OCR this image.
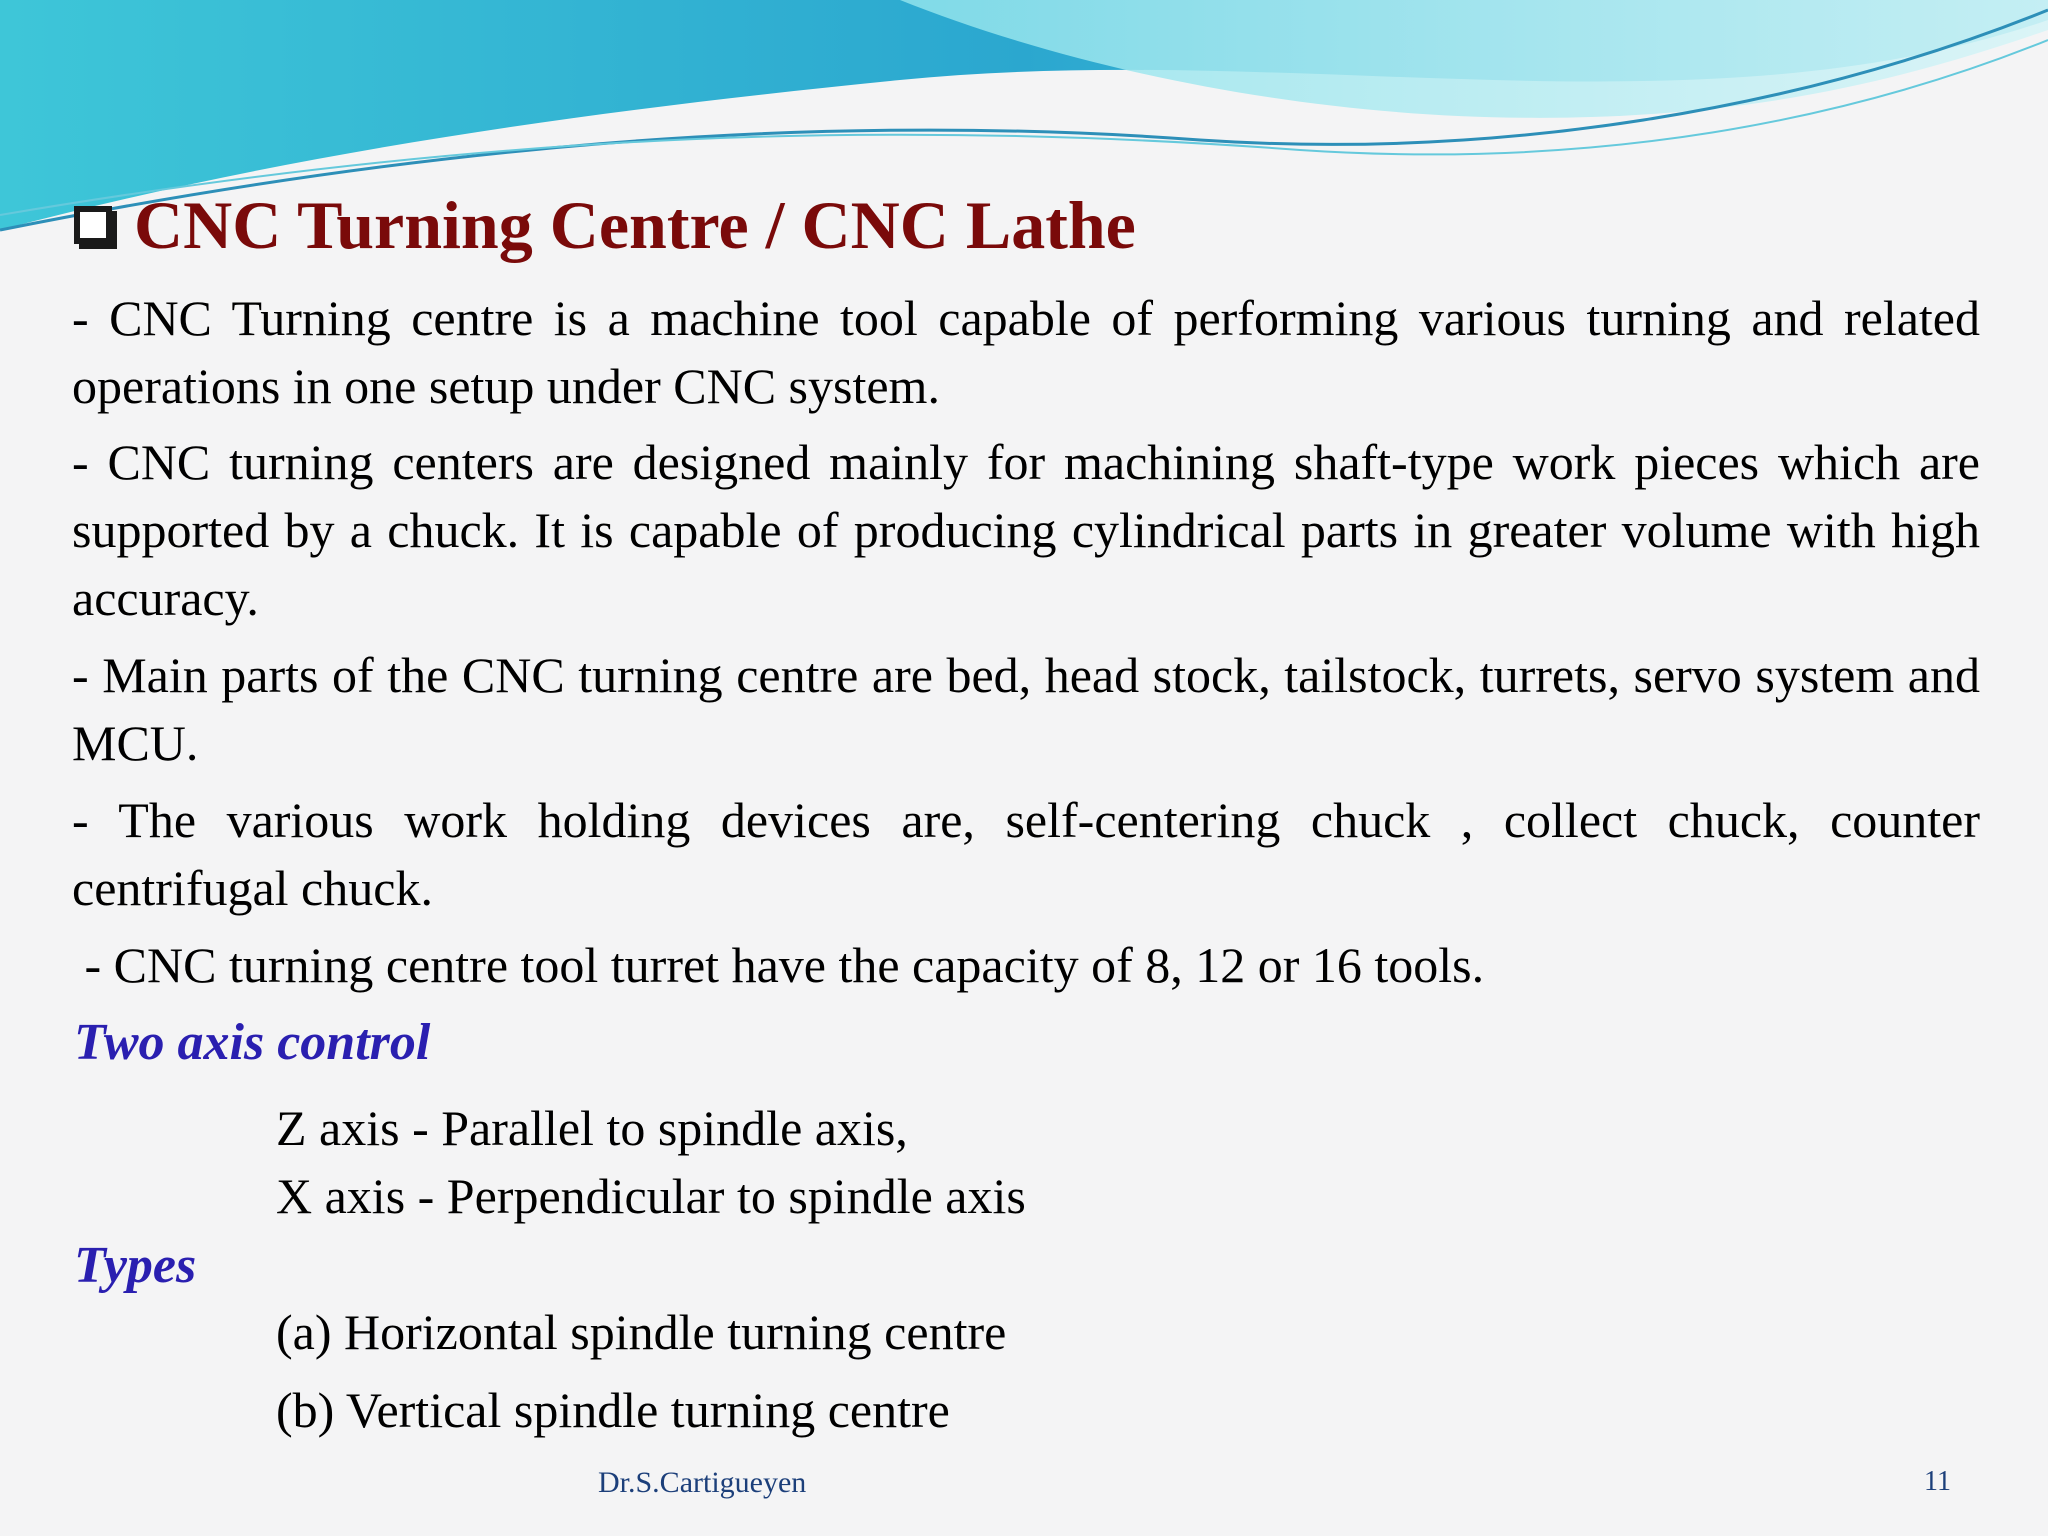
CNC Turning Centre / CNC Lathe

- CNC Turning centre is a machine tool capable of performing various turning and related operations in one setup under CNC system.

- CNC turning centers are designed mainly for machining shaft-type work pieces which are supported by a chuck. It is capable of producing cylindrical parts in greater volume with high accuracy.

- Main parts of the CNC turning centre are bed, head stock, tailstock, turrets, servo system and MCU.

- The various work holding devices are, self-centering chuck , collect chuck, counter centrifugal chuck.

- CNC turning centre tool turret have the capacity of 8, 12 or 16 tools.

Two axis control

Z axis - Parallel to spindle axis,

X axis - Perpendicular to spindle axis

Types

(a) Horizontal spindle turning centre

(b) Vertical spindle turning centre

Dr.S.Cartigueyen	11
